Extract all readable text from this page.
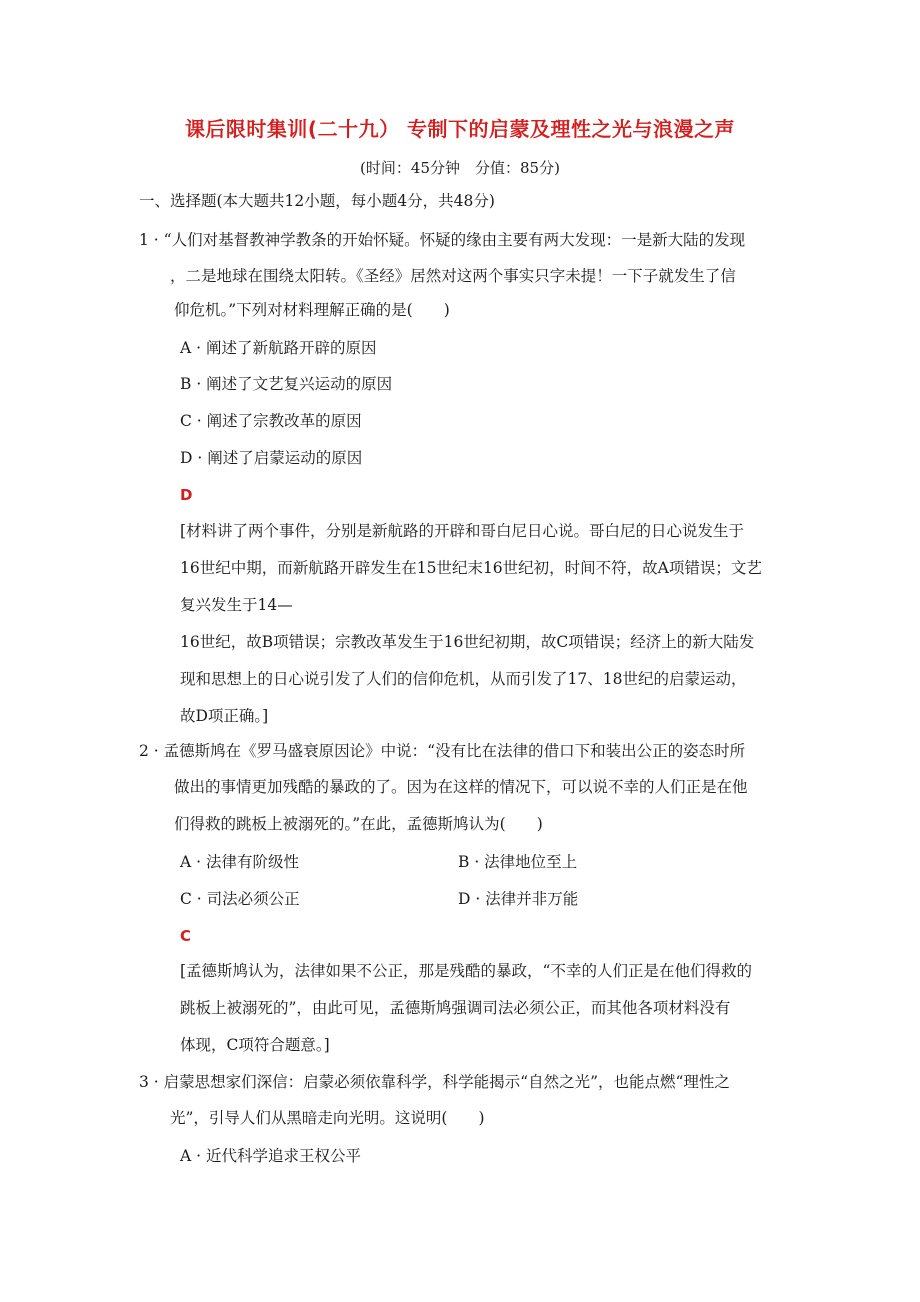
课后限时集训(二十九） 专制下的启蒙及理性之光与浪漫之声
(时间：45分钟　分值：85分)
一、选择题(本大题共12小题，每小题4分，共48分)
1 · “人们对基督教神学教条的开始怀疑。怀疑的缘由主要有两大发现：一是新大陆的发现
，二是地球在围绕太阳转。《圣经》居然对这两个事实只字未提！一下子就发生了信
仰危机。”下列对材料理解正确的是(　　)
A · 阐述了新航路开辟的原因
B · 阐述了文艺复兴运动的原因
C · 阐述了宗教改革的原因
D · 阐述了启蒙运动的原因
D
[材料讲了两个事件，分别是新航路的开辟和哥白尼日心说。哥白尼的日心说发生于
16世纪中期，而新航路开辟发生在15世纪末16世纪初，时间不符，故A项错误；文艺
复兴发生于14—
16世纪，故B项错误；宗教改革发生于16世纪初期，故C项错误；经济上的新大陆发
现和思想上的日心说引发了人们的信仰危机，从而引发了17、18世纪的启蒙运动，
故D项正确。]
2 · 孟德斯鸠在《罗马盛衰原因论》中说：“没有比在法律的借口下和装出公正的姿态时所
做出的事情更加残酷的暴政的了。因为在这样的情况下，可以说不幸的人们正是在他
们得救的跳板上被溺死的。”在此，孟德斯鸠认为(　　)
A · 法律有阶级性	B · 法律地位至上
C · 司法必须公正	D · 法律并非万能
C
[孟德斯鸠认为，法律如果不公正，那是残酷的暴政，“不幸的人们正是在他们得救的
跳板上被溺死的”，由此可见，孟德斯鸠强调司法必须公正，而其他各项材料没有
体现，C项符合题意。]
3 · 启蒙思想家们深信：启蒙必须依靠科学，科学能揭示“自然之光”，也能点燃“理性之
光”，引导人们从黑暗走向光明。这说明(　　)
A · 近代科学追求王权公平
